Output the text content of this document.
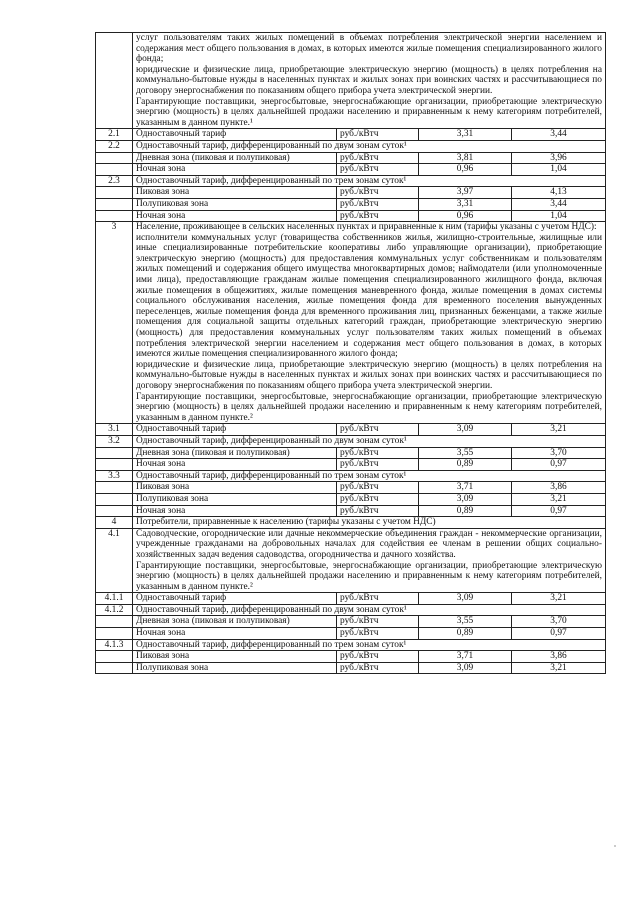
	услуг пользователям таких жилых помещений в объемах потребления электрической энергии населением и содержания мест общего пользования в домах, в которых имеются жилые помещения специализированного жилого фонда;

юридические и физические лица, приобретающие электрическую энергию (мощность) в целях потребления на коммунально-бытовые нужды в населенных пунктах и жилых зонах при воинских частях и рассчитывающиеся по договору энергоснабжения по показаниям общего прибора учета электрической энергии.

Гарантирующие поставщики, энергосбытовые, энергоснабжающие организации, приобретающие электрическую энергию (мощность) в целях дальнейшей продажи населению и приравненным к нему категориям потребителей, указанным в данном пункте.¹			

2.1	Одноставочный тариф	руб./кВтч	3,31	3,44
2.2	Одноставочный тариф, дифференцированный по двум зонам суток¹			
	Дневная зона (пиковая и полупиковая)	руб./кВтч	3,81	3,96
	Ночная зона	руб./кВтч	0,96	1,04
2.3	Одноставочный тариф, дифференцированный по трем зонам суток¹			
	Пиковая зона	руб./кВтч	3,97	4,13
	Полупиковая зона	руб./кВтч	3,31	3,44
	Ночная зона	руб./кВтч	0,96	1,04
3	Население, проживающее в сельских населенных пунктах и приравненные к ним (тарифы указаны с учетом НДС):

исполнители коммунальных услуг (товарищества собственников жилья, жилищно-строительные, жилищные или иные специализированные потребительские кооперативы либо управляющие организации), приобретающие электрическую энергию (мощность) для предоставления коммунальных услуг собственникам и пользователям жилых помещений и содержания общего имущества многоквартирных домов; наймодатели (или уполномоченные ими лица), предоставляющие гражданам жилые помещения специализированного жилищного фонда, включая жилые помещения в общежитиях, жилые помещения маневренного фонда, жилые помещения в домах системы социального обслуживания населения, жилые помещения фонда для временного поселения вынужденных переселенцев, жилые помещения фонда для временного проживания лиц, признанных беженцами, а также жилые помещения для социальной защиты отдельных категорий граждан, приобретающие электрическую энергию (мощность) для предоставления коммунальных услуг пользователям таких жилых помещений в объемах потребления электрической энергии населением и содержания мест общего пользования в домах, в которых имеются жилые помещения специализированного жилого фонда;

юридические и физические лица, приобретающие электрическую энергию (мощность) в целях потребления на коммунально-бытовые нужды в населенных пунктах и жилых зонах при воинских частях и рассчитывающиеся по договору энергоснабжения по показаниям общего прибора учета электрической энергии.

Гарантирующие поставщики, энергосбытовые, энергоснабжающие организации, приобретающие электрическую энергию (мощность) в целях дальнейшей продажи населению и приравненным к нему категориям потребителей, указанным в данном пункте.²			

3.1	Одноставочный тариф	руб./кВтч	3,09	3,21
3.2	Одноставочный тариф, дифференцированный по двум зонам суток¹			
	Дневная зона (пиковая и полупиковая)	руб./кВтч	3,55	3,70
	Ночная зона	руб./кВтч	0,89	0,97
3.3	Одноставочный тариф, дифференцированный по трем зонам суток¹			
	Пиковая зона	руб./кВтч	3,71	3,86
	Полупиковая зона	руб./кВтч	3,09	3,21
	Ночная зона	руб./кВтч	0,89	0,97
4	Потребители, приравненные к населению (тарифы указаны с учетом НДС)			
4.1	Садоводческие, огороднические или дачные некоммерческие объединения граждан - некоммерческие организации, учрежденные гражданами на добровольных началах для содействия ее членам в решении общих социально-хозяйственных задач ведения садоводства, огородничества и дачного хозяйства.

Гарантирующие поставщики, энергосбытовые, энергоснабжающие организации, приобретающие электрическую энергию (мощность) в целях дальнейшей продажи населению и приравненным к нему категориям потребителей, указанным в данном пункте.²			

4.1.1	Одноставочный тариф	руб./кВтч	3,09	3,21
4.1.2	Одноставочный тариф, дифференцированный по двум зонам суток¹			
	Дневная зона (пиковая и полупиковая)	руб./кВтч	3,55	3,70
	Ночная зона	руб./кВтч	0,89	0,97
4.1.3	Одноставочный тариф, дифференцированный по трем зонам суток¹			
	Пиковая зона	руб./кВтч	3,71	3,86
	Полупиковая зона	руб./кВтч	3,09	3,21
